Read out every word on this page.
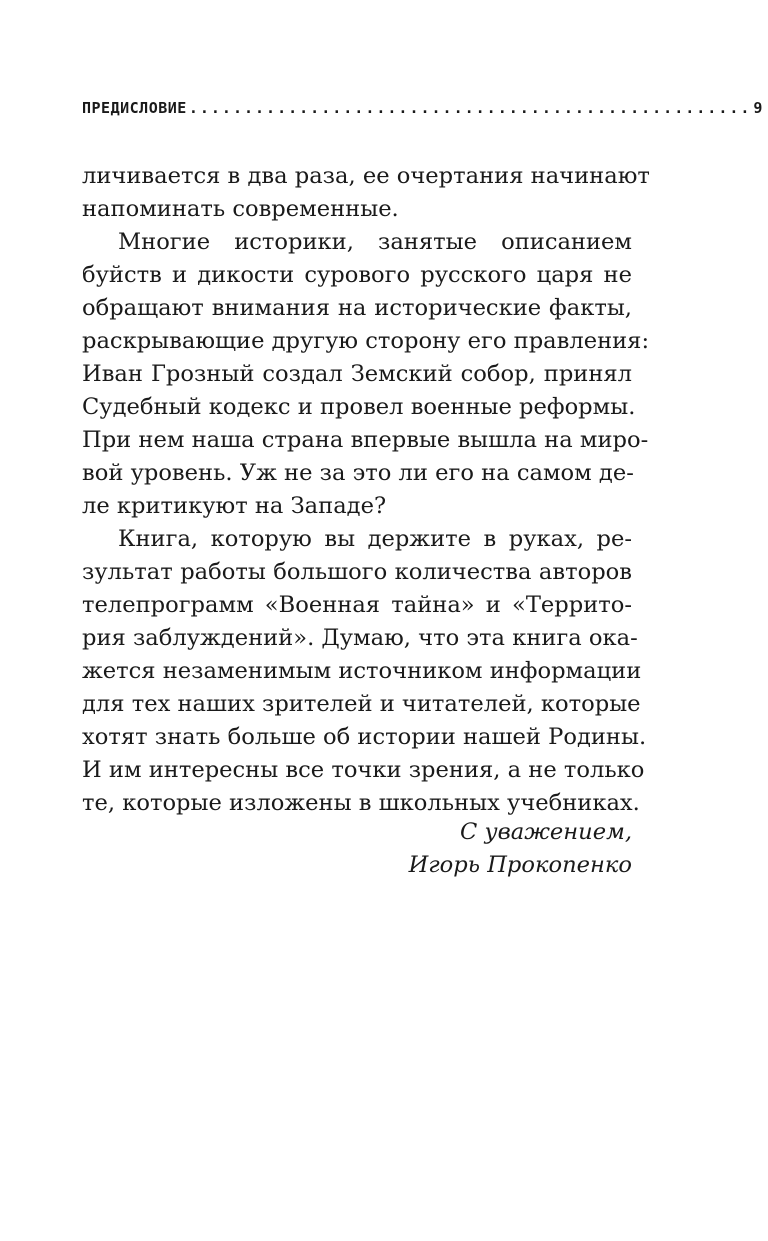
ПРЕДИСЛОВИЕ ................................................... 9
личивается в два раза, ее очертания начинают
напоминать современные.
Многие историки, занятые описанием
буйств и дикости сурового русского царя не
обращают внимания на исторические факты,
раскрывающие другую сторону его правления:
Иван Грозный создал Земский собор, принял
Судебный кодекс и провел военные реформы.
При нем наша страна впервые вышла на миро-
вой уровень. Уж не за это ли его на самом де-
ле критикуют на Западе?
Книга, которую вы держите в руках, ре-
зультат работы большого количества авторов
телепрограмм «Военная тайна» и «Террито-
рия заблуждений». Думаю, что эта книга ока-
жется незаменимым источником информации
для тех наших зрителей и читателей, которые
хотят знать больше об истории нашей Родины.
И им интересны все точки зрения, а не только
те, которые изложены в школьных учебниках.
С уважением,
Игорь Прокопенко
